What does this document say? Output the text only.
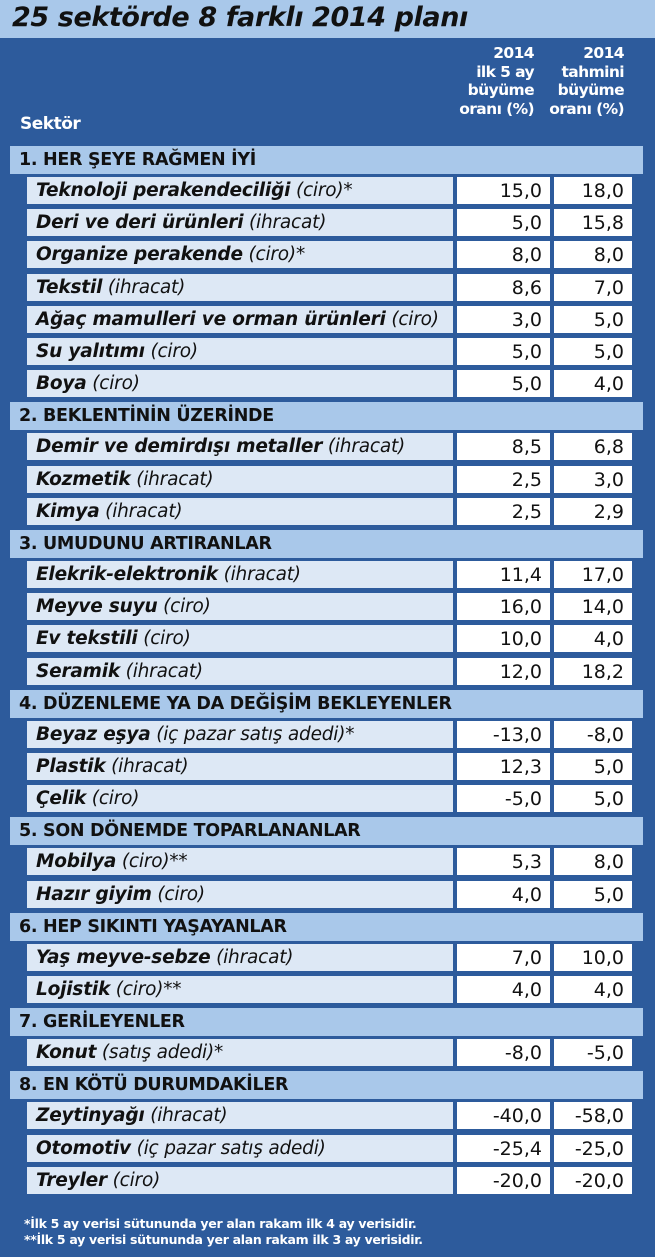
25 sektörde 8 farklı 2014 planı
Sektör
2014
ilk 5 ay
büyüme
oranı (%)
2014
tahmini
büyüme
oranı (%)
1. HER ŞEYE RAĞMEN İYİ
Teknoloji perakendeciliği (ciro)*	15,0	18,0
Deri ve deri ürünleri (ihracat)	5,0	15,8
Organize perakende (ciro)*	8,0	8,0
Tekstil (ihracat)	8,6	7,0
Ağaç mamulleri ve orman ürünleri (ciro)	3,0	5,0
Su yalıtımı (ciro)	5,0	5,0
Boya (ciro)	5,0	4,0
2. BEKLENTİNİN ÜZERİNDE
Demir ve demirdışı metaller (ihracat)	8,5	6,8
Kozmetik (ihracat)	2,5	3,0
Kimya (ihracat)	2,5	2,9
3. UMUDUNU ARTIRANLAR
Elekrik-elektronik (ihracat)	11,4	17,0
Meyve suyu (ciro)	16,0	14,0
Ev tekstili (ciro)	10,0	4,0
Seramik (ihracat)	12,0	18,2
4. DÜZENLEME YA DA DEĞİŞİM BEKLEYENLER
Beyaz eşya (iç pazar satış adedi)*	-13,0	-8,0
Plastik (ihracat)	12,3	5,0
Çelik (ciro)	-5,0	5,0
5. SON DÖNEMDE TOPARLANANLAR
Mobilya (ciro)**	5,3	8,0
Hazır giyim (ciro)	4,0	5,0
6. HEP SIKINTI YAŞAYANLAR
Yaş meyve-sebze (ihracat)	7,0	10,0
Lojistik (ciro)**	4,0	4,0
7. GERİLEYENLER
Konut (satış adedi)*	-8,0	-5,0
8. EN KÖTÜ DURUMDAKİLER
Zeytinyağı (ihracat)	-40,0	-58,0
Otomotiv (iç pazar satış adedi)	-25,4	-25,0
Treyler (ciro)	-20,0	-20,0
*İlk 5 ay verisi sütununda yer alan rakam ilk 4 ay verisidir.
**İlk 5 ay verisi sütununda yer alan rakam ilk 3 ay verisidir.
